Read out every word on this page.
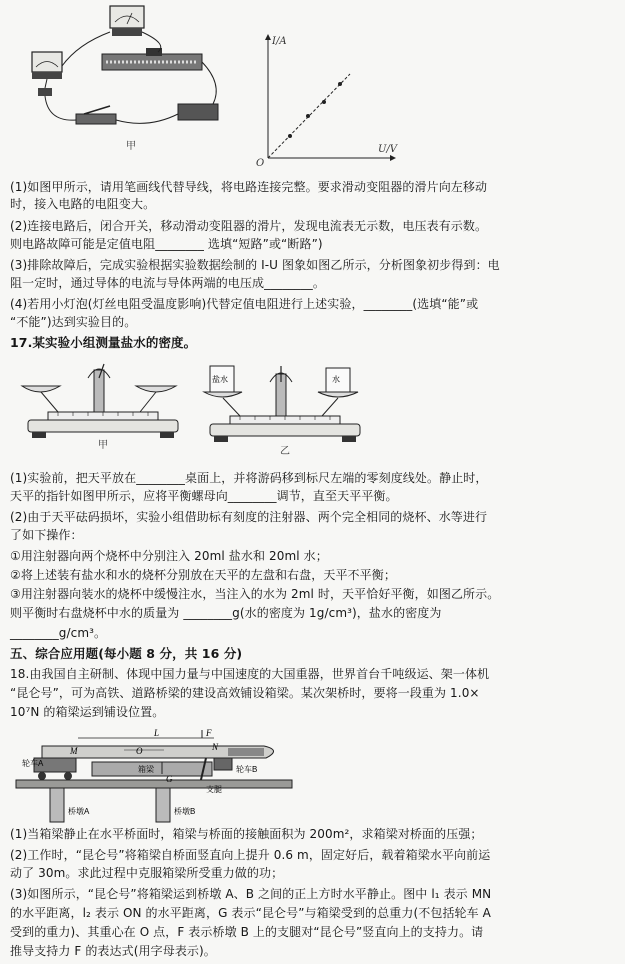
甲
I/A
U/V
O
(1)如图甲所示，请用笔画线代替导线，将电路连接完整。要求滑动变阻器的滑片向左移动
时，接入电路的电阻变大。
(2)连接电路后，闭合开关，移动滑动变阻器的滑片，发现电流表无示数，电压表有示数。
则电路故障可能是定值电阻________ 选填“短路”或“断路”)
(3)排除故障后，完成实验根据实验数据绘制的 I-U 图象如图乙所示，分析图象初步得到：电
阻一定时，通过导体的电流与导体两端的电压成________。
(4)若用小灯泡(灯丝电阻受温度影响)代替定值电阻进行上述实验，________(选填“能”或
“不能”)达到实验目的。
17.某实验小组测量盐水的密度。
甲
盐水	水
乙
(1)实验前，把天平放在________桌面上，并将游码移到标尺左端的零刻度线处。静止时，
天平的指针如图甲所示，应将平衡螺母向________调节，直至天平平衡。
(2)由于天平砝码损坏，实验小组借助标有刻度的注射器、两个完全相同的烧杯、水等进行
了如下操作：
①用注射器向两个烧杯中分别注入 20ml 盐水和 20ml 水；
②将上述装有盐水和水的烧杯分别放在天平的左盘和右盘，天平不平衡；
③用注射器向装水的烧杯中缓慢注水，当注入的水为 2ml 时，天平恰好平衡，如图乙所示。
则平衡时右盘烧杯中水的质量为 ________g(水的密度为 1g/cm³)，盐水的密度为
________g/cm³。
五、综合应用题(每小题 8 分，共 16 分)
18.由我国自主研制、体现中国力量与中国速度的大国重器，世界首台千吨级运、架一体机
“昆仑号”，可为高铁、道路桥梁的建设高效铺设箱梁。某次架桥时，要将一段重为 1.0×
10⁷N 的箱梁运到铺设位置。
M	N
O
L	F
G
轮车A
轮车B
箱梁
支腿
桥墩A	桥墩B
(1)当箱梁静止在水平桥面时，箱梁与桥面的接触面积为 200m²，求箱梁对桥面的压强；
(2)工作时，“昆仑号”将箱梁自桥面竖直向上提升 0.6 m，固定好后，载着箱梁水平向前运
动了 30m。求此过程中克服箱梁所受重力做的功；
(3)如图所示，“昆仑号”将箱梁运到桥墩 A、B 之间的正上方时水平静止。图中 l₁ 表示 MN
的水平距离，l₂ 表示 ON 的水平距离，G 表示“昆仑号”与箱梁受到的总重力(不包括轮车 A
受到的重力)、其重心在 O 点，F 表示桥墩 B 上的支腿对“昆仑号”竖直向上的支持力。请
推导支持力 F 的表达式(用字母表示)。
